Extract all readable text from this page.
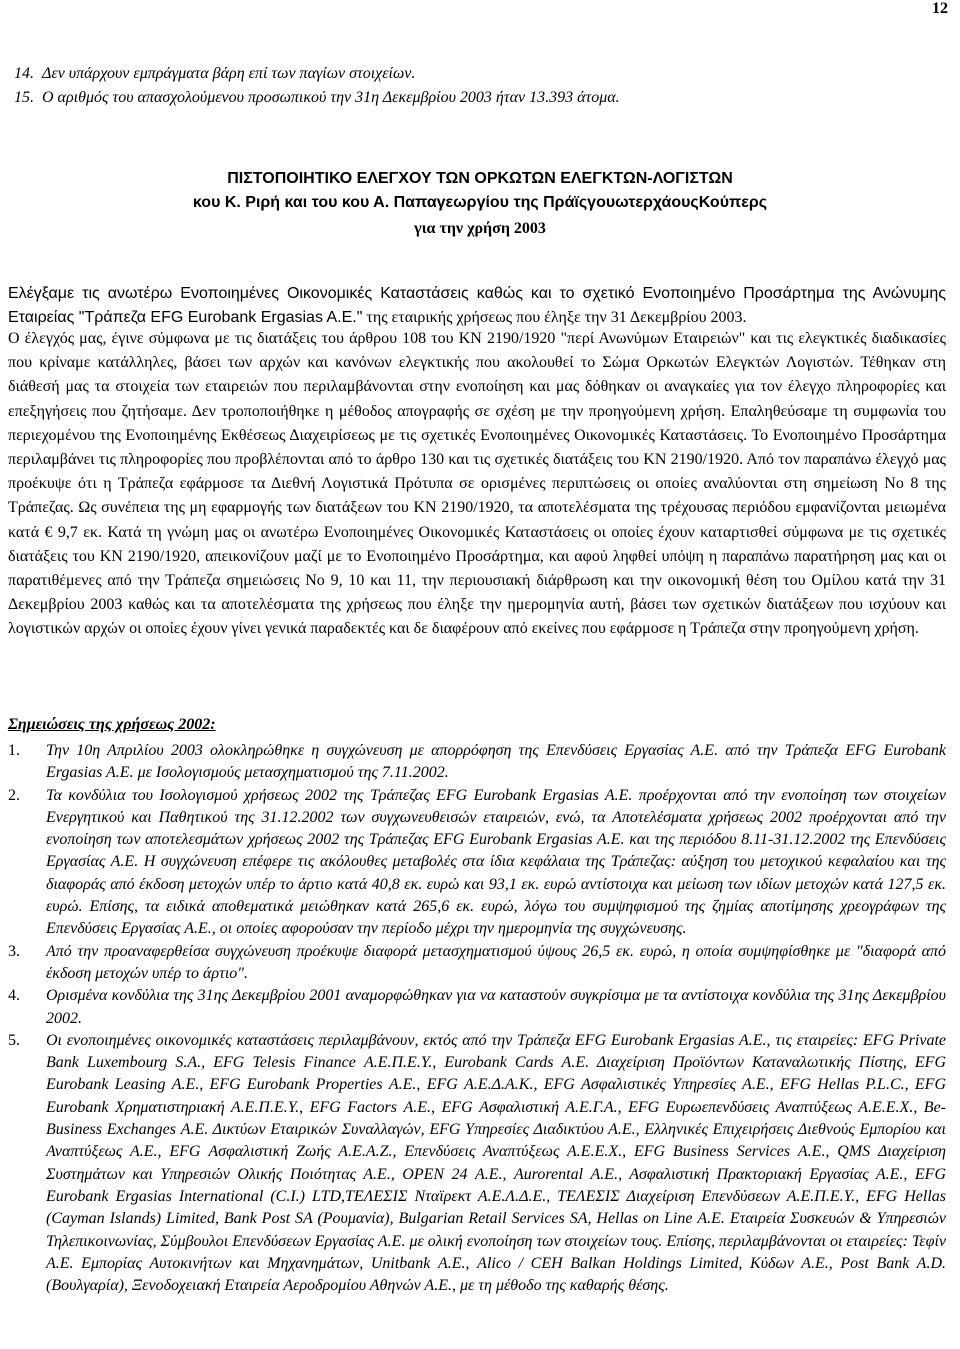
12
14. Δεν υπάρχουν εμπράγματα βάρη επί των παγίων στοιχείων.
15. Ο αριθμός του απασχολούμενου προσωπικού την 31η Δεκεμβρίου 2003 ήταν 13.393 άτομα.
ΠΙΣΤΟΠΟΙΗΤΙΚΟ ΕΛΕΓΧΟΥ ΤΩΝ ΟΡΚΩΤΩΝ ΕΛΕΓΚΤΩΝ-ΛΟΓΙΣΤΩΝ
κου Κ. Ριρή και του κου Α. Παπαγεωργίου της ΠράϊςγουωτερχάουςΚούπερς
για την χρήση 2003
Ελέγξαμε τις ανωτέρω Ενοποιημένες Οικονομικές Καταστάσεις καθώς και το σχετικό Ενοποιημένο Προσάρτημα της Ανώνυμης Εταιρείας "Τράπεζα EFG Eurobank Ergasias A.E." της εταιρικής χρήσεως που έληξε την 31 Δεκεμβρίου 2003.
Ο έλεγχός μας, έγινε σύμφωνα με τις διατάξεις του άρθρου 108 του ΚΝ 2190/1920 "περί Ανωνύμων Εταιρειών" και τις ελεγκτικές διαδικασίες που κρίναμε κατάλληλες, βάσει των αρχών και κανόνων ελεγκτικής που ακολουθεί το Σώμα Ορκωτών Ελεγκτών Λογιστών. Τέθηκαν στη διάθεσή μας τα στοιχεία των εταιρειών που περιλαμβάνονται στην ενοποίηση και μας δόθηκαν οι αναγκαίες για τον έλεγχο πληροφορίες και επεξηγήσεις που ζητήσαμε. Δεν τροποποιήθηκε η μέθοδος απογραφής σε σχέση με την προηγούμενη χρήση. Επαληθεύσαμε τη συμφωνία του περιεχομένου της Ενοποιημένης Εκθέσεως Διαχειρίσεως με τις σχετικές Ενοποιημένες Οικονομικές Καταστάσεις. Το Ενοποιημένο Προσάρτημα περιλαμβάνει τις πληροφορίες που προβλέπονται από το άρθρο 130 και τις σχετικές διατάξεις του ΚΝ 2190/1920. Από τον παραπάνω έλεγχό μας προέκυψε ότι η Τράπεζα εφάρμοσε τα Διεθνή Λογιστικά Πρότυπα σε ορισμένες περιπτώσεις οι οποίες αναλύονται στη σημείωση Νο 8 της Τράπεζας. Ως συνέπεια της μη εφαρμογής των διατάξεων του ΚΝ 2190/1920, τα αποτελέσματα της τρέχουσας περιόδου εμφανίζονται μειωμένα κατά € 9,7 εκ. Κατά τη γνώμη μας οι ανωτέρω Ενοποιημένες Οικονομικές Καταστάσεις οι οποίες έχουν καταρτισθεί σύμφωνα με τις σχετικές διατάξεις του ΚΝ 2190/1920, απεικονίζουν μαζί με το Ενοποιημένο Προσάρτημα, και αφού ληφθεί υπόψη η παραπάνω παρατήρηση μας και οι παρατιθέμενες από την Τράπεζα σημειώσεις Νο 9, 10 και 11, την περιουσιακή διάρθρωση και την οικονομική θέση του Ομίλου κατά την 31 Δεκεμβρίου 2003 καθώς και τα αποτελέσματα της χρήσεως που έληξε την ημερομηνία αυτή, βάσει των σχετικών διατάξεων που ισχύουν και λογιστικών αρχών οι οποίες έχουν γίνει γενικά παραδεκτές και δε διαφέρουν από εκείνες που εφάρμοσε η Τράπεζα στην προηγούμενη χρήση.
Σημειώσεις της χρήσεως 2002:
1. Την 10η Απριλίου 2003 ολοκληρώθηκε η συγχώνευση με απορρόφηση της Επενδύσεις Εργασίας Α.Ε. από την Τράπεζα EFG Eurobank Ergasias A.E. με Ισολογισμούς μετασχηματισμού της 7.11.2002.
2. Τα κονδύλια του Ισολογισμού χρήσεως 2002 της Τράπεζας EFG Eurobank Ergasias A.E. προέρχονται από την ενοποίηση των στοιχείων Ενεργητικού και Παθητικού της 31.12.2002 των συγχωνευθεισών εταιρειών, ενώ, τα Αποτελέσματα χρήσεως 2002 προέρχονται από την ενοποίηση των αποτελεσμάτων χρήσεως 2002 της Τράπεζας EFG Eurobank Ergasias A.E. και της περιόδου 8.11-31.12.2002 της Επενδύσεις Εργασίας Α.Ε. Η συγχώνευση επέφερε τις ακόλουθες μεταβολές στα ίδια κεφάλαια της Τράπεζας: αύξηση του μετοχικού κεφαλαίου και της διαφοράς από έκδοση μετοχών υπέρ το άρτιο κατά 40,8 εκ. ευρώ και 93,1 εκ. ευρώ αντίστοιχα και μείωση των ιδίων μετοχών κατά 127,5 εκ. ευρώ. Επίσης, τα ειδικά αποθεματικά μειώθηκαν κατά 265,6 εκ. ευρώ, λόγω του συμψηφισμού της ζημίας αποτίμησης χρεογράφων της Επενδύσεις Εργασίας Α.Ε., οι οποίες αφορούσαν την περίοδο μέχρι την ημερομηνία της συγχώνευσης.
3. Από την προαναφερθείσα συγχώνευση προέκυψε διαφορά μετασχηματισμού ύψους 26,5 εκ. ευρώ, η οποία συμψηφίσθηκε με "διαφορά από έκδοση μετοχών υπέρ το άρτιο".
4. Ορισμένα κονδύλια της 31ης Δεκεμβρίου 2001 αναμορφώθηκαν για να καταστούν συγκρίσιμα με τα αντίστοιχα κονδύλια της 31ης Δεκεμβρίου 2002.
5. Οι ενοποιημένες οικονομικές καταστάσεις περιλαμβάνουν, εκτός από την Τράπεζα EFG Eurobank Ergasias A.E., τις εταιρείες: EFG Private Bank Luxembourg S.A., EFG Telesis Finance Α.Ε.Π.Ε.Υ., Eurobank Cards Α.Ε. Διαχείριση Προϊόντων Καταναλωτικής Πίστης, EFG Eurobank Leasing Α.Ε., EFG Eurobank Properties Α.Ε., EFG Α.Ε.Δ.Α.Κ., EFG Ασφαλιστικές Υπηρεσίες Α.Ε., EFG Hellas P.L.C., EFG Eurobank Χρηματιστηριακή Α.Ε.Π.Ε.Υ., EFG Factors Α.Ε., EFG Ασφαλιστική Α.Ε.Γ.Α., EFG Ευρωεπενδύσεις Αναπτύξεως Α.Ε.Ε.Χ., Be-Business Exchanges Α.Ε. Δικτύων Εταιρικών Συναλλαγών, EFG Υπηρεσίες Διαδικτύου Α.Ε., Ελληνικές Επιχειρήσεις Διεθνούς Εμπορίου και Αναπτύξεως Α.Ε., EFG Ασφαλιστική Ζωής Α.Ε.Α.Ζ., Επενδύσεις Αναπτύξεως Α.Ε.Ε.Χ., EFG Business Services Α.Ε., QMS Διαχείριση Συστημάτων και Υπηρεσιών Ολικής Ποιότητας Α.Ε., OPEN 24 Α.Ε., Aurorental Α.Ε., Ασφαλιστική Πρακτοριακή Εργασίας Α.Ε., EFG Eurobank Ergasias International (C.I.) LTD,ΤΕΛΕΣΙΣ Νταϊρεκτ Α.Ε.Λ.Δ.Ε., ΤΕΛΕΣΙΣ Διαχείριση Επενδύσεων Α.Ε.Π.Ε.Υ., EFG Hellas (Cayman Islands) Limited, Bank Post SA (Ρουμανία), Bulgarian Retail Services SA, Hellas on Line Α.Ε. Εταιρεία Συσκευών & Υπηρεσιών Τηλεπικοινωνίας, Σύμβουλοι Επενδύσεων Εργασίας Α.Ε. με ολική ενοποίηση των στοιχείων τους. Επίσης, περιλαμβάνονται οι εταιρείες: Τεφίν Α.Ε. Εμπορίας Αυτοκινήτων και Μηχανημάτων, Unitbank Α.Ε., Alico / CEH Balkan Holdings Limited, Κύδων Α.Ε., Post Bank A.D. (Βουλγαρία), Ξενοδοχειακή Εταιρεία Αεροδρομίου Αθηνών Α.Ε., με τη μέθοδο της καθαρής θέσης.
